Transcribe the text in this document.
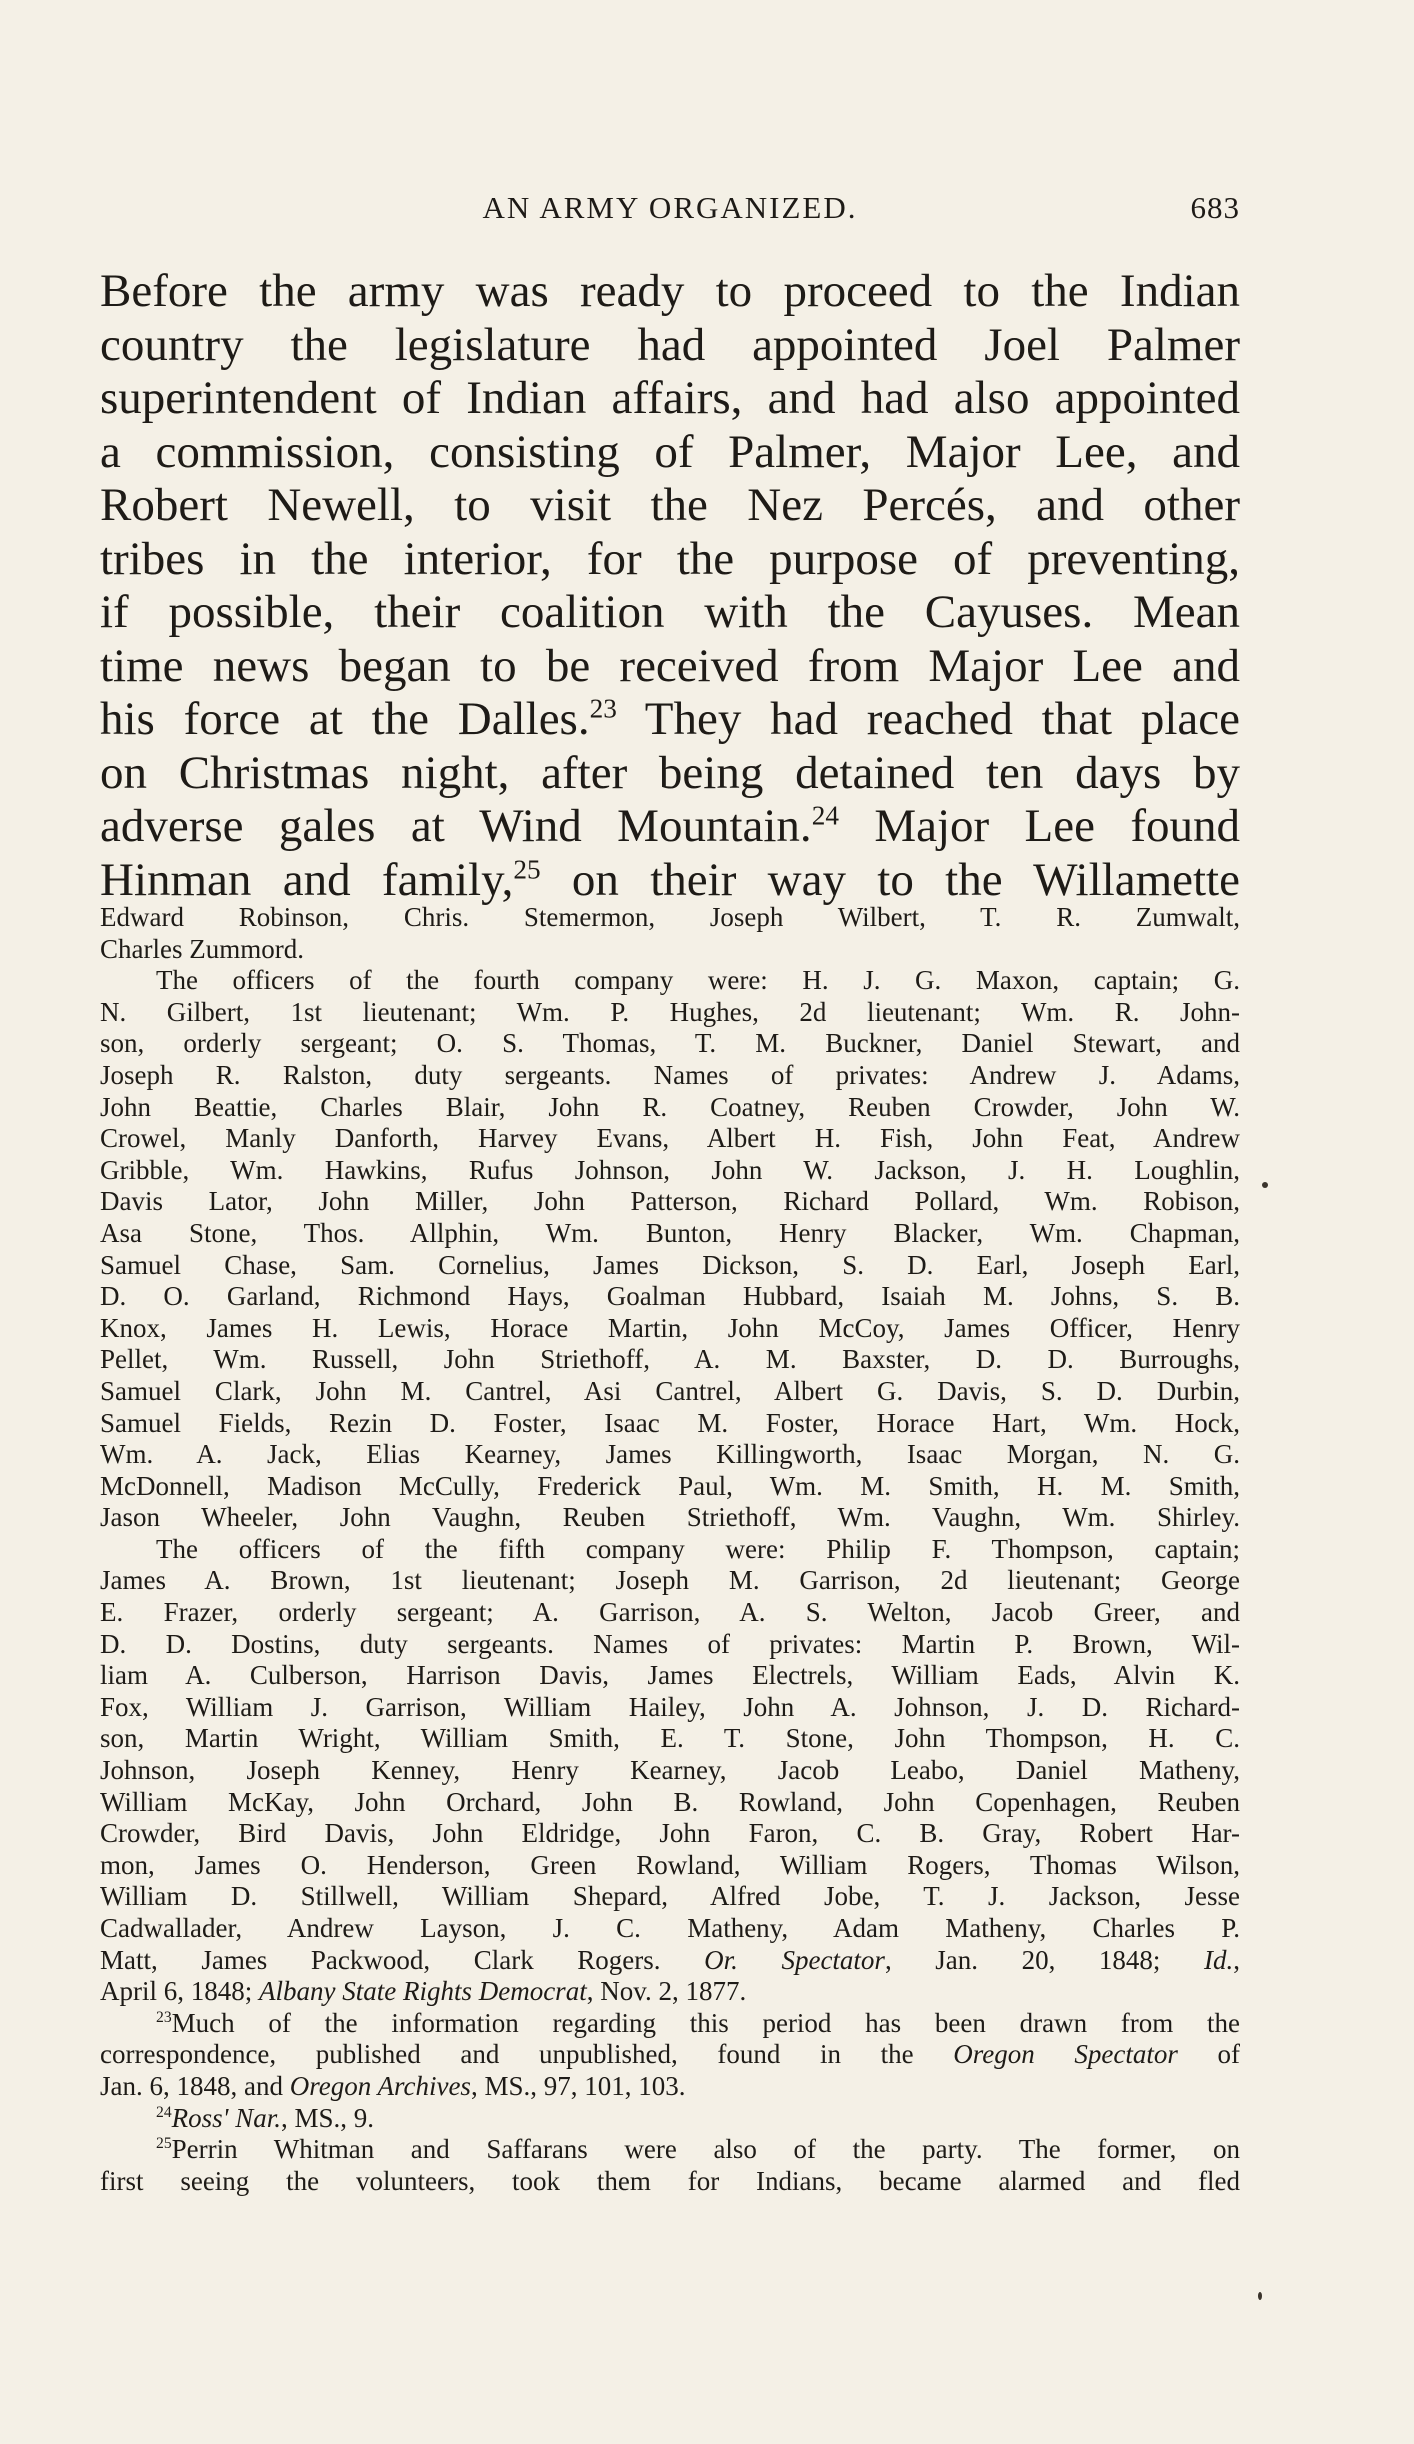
AN ARMY ORGANIZED.	683
Before the army was ready to proceed to the Indian
country the legislature had appointed Joel Palmer
superintendent of Indian affairs, and had also appointed
a commission, consisting of Palmer, Major Lee, and
Robert Newell, to visit the Nez Percés, and other
tribes in the interior, for the purpose of preventing,
if possible, their coalition with the Cayuses. Mean
time news began to be received from Major Lee and
his force at the Dalles.$^{23}$ They had reached that place
on Christmas night, after being detained ten days by
adverse gales at Wind Mountain.$^{24}$ Major Lee found
Hinman and family,$^{25}$ on their way to the Willamette
Edward Robinson, Chris. Stemermon, Joseph Wilbert, T. R. Zumwalt,
Charles Zummord.
The officers of the fourth company were: H. J. G. Maxon, captain; G.
N. Gilbert, 1st lieutenant; Wm. P. Hughes, 2d lieutenant; Wm. R. John-
son, orderly sergeant; O. S. Thomas, T. M. Buckner, Daniel Stewart, and
Joseph R. Ralston, duty sergeants. Names of privates: Andrew J. Adams,
John Beattie, Charles Blair, John R. Coatney, Reuben Crowder, John W.
Crowel, Manly Danforth, Harvey Evans, Albert H. Fish, John Feat, Andrew
Gribble, Wm. Hawkins, Rufus Johnson, John W. Jackson, J. H. Loughlin,
Davis Lator, John Miller, John Patterson, Richard Pollard, Wm. Robison,
Asa Stone, Thos. Allphin, Wm. Bunton, Henry Blacker, Wm. Chapman,
Samuel Chase, Sam. Cornelius, James Dickson, S. D. Earl, Joseph Earl,
D. O. Garland, Richmond Hays, Goalman Hubbard, Isaiah M. Johns, S. B.
Knox, James H. Lewis, Horace Martin, John McCoy, James Officer, Henry
Pellet, Wm. Russell, John Striethoff, A. M. Baxster, D. D. Burroughs,
Samuel Clark, John M. Cantrel, Asi Cantrel, Albert G. Davis, S. D. Durbin,
Samuel Fields, Rezin D. Foster, Isaac M. Foster, Horace Hart, Wm. Hock,
Wm. A. Jack, Elias Kearney, James Killingworth, Isaac Morgan, N. G.
McDonnell, Madison McCully, Frederick Paul, Wm. M. Smith, H. M. Smith,
Jason Wheeler, John Vaughn, Reuben Striethoff, Wm. Vaughn, Wm. Shirley.
The officers of the fifth company were: Philip F. Thompson, captain;
James A. Brown, 1st lieutenant; Joseph M. Garrison, 2d lieutenant; George
E. Frazer, orderly sergeant; A. Garrison, A. S. Welton, Jacob Greer, and
D. D. Dostins, duty sergeants. Names of privates: Martin P. Brown, Wil-
liam A. Culberson, Harrison Davis, James Electrels, William Eads, Alvin K.
Fox, William J. Garrison, William Hailey, John A. Johnson, J. D. Richard-
son, Martin Wright, William Smith, E. T. Stone, John Thompson, H. C.
Johnson, Joseph Kenney, Henry Kearney, Jacob Leabo, Daniel Matheny,
William McKay, John Orchard, John B. Rowland, John Copenhagen, Reuben
Crowder, Bird Davis, John Eldridge, John Faron, C. B. Gray, Robert Har-
mon, James O. Henderson, Green Rowland, William Rogers, Thomas Wilson,
William D. Stillwell, William Shepard, Alfred Jobe, T. J. Jackson, Jesse
Cadwallader, Andrew Layson, J. C. Matheny, Adam Matheny, Charles P.
Matt, James Packwood, Clark Rogers. Or. Spectator, Jan. 20, 1848; Id.,
April 6, 1848; Albany State Rights Democrat, Nov. 2, 1877.
$^{23}$Much of the information regarding this period has been drawn from the
correspondence, published and unpublished, found in the Oregon Spectator of
Jan. 6, 1848, and Oregon Archives, MS., 97, 101, 103.
$^{24}$Ross' Nar., MS., 9.
$^{25}$Perrin Whitman and Saffarans were also of the party. The former, on
first seeing the volunteers, took them for Indians, became alarmed and fled
